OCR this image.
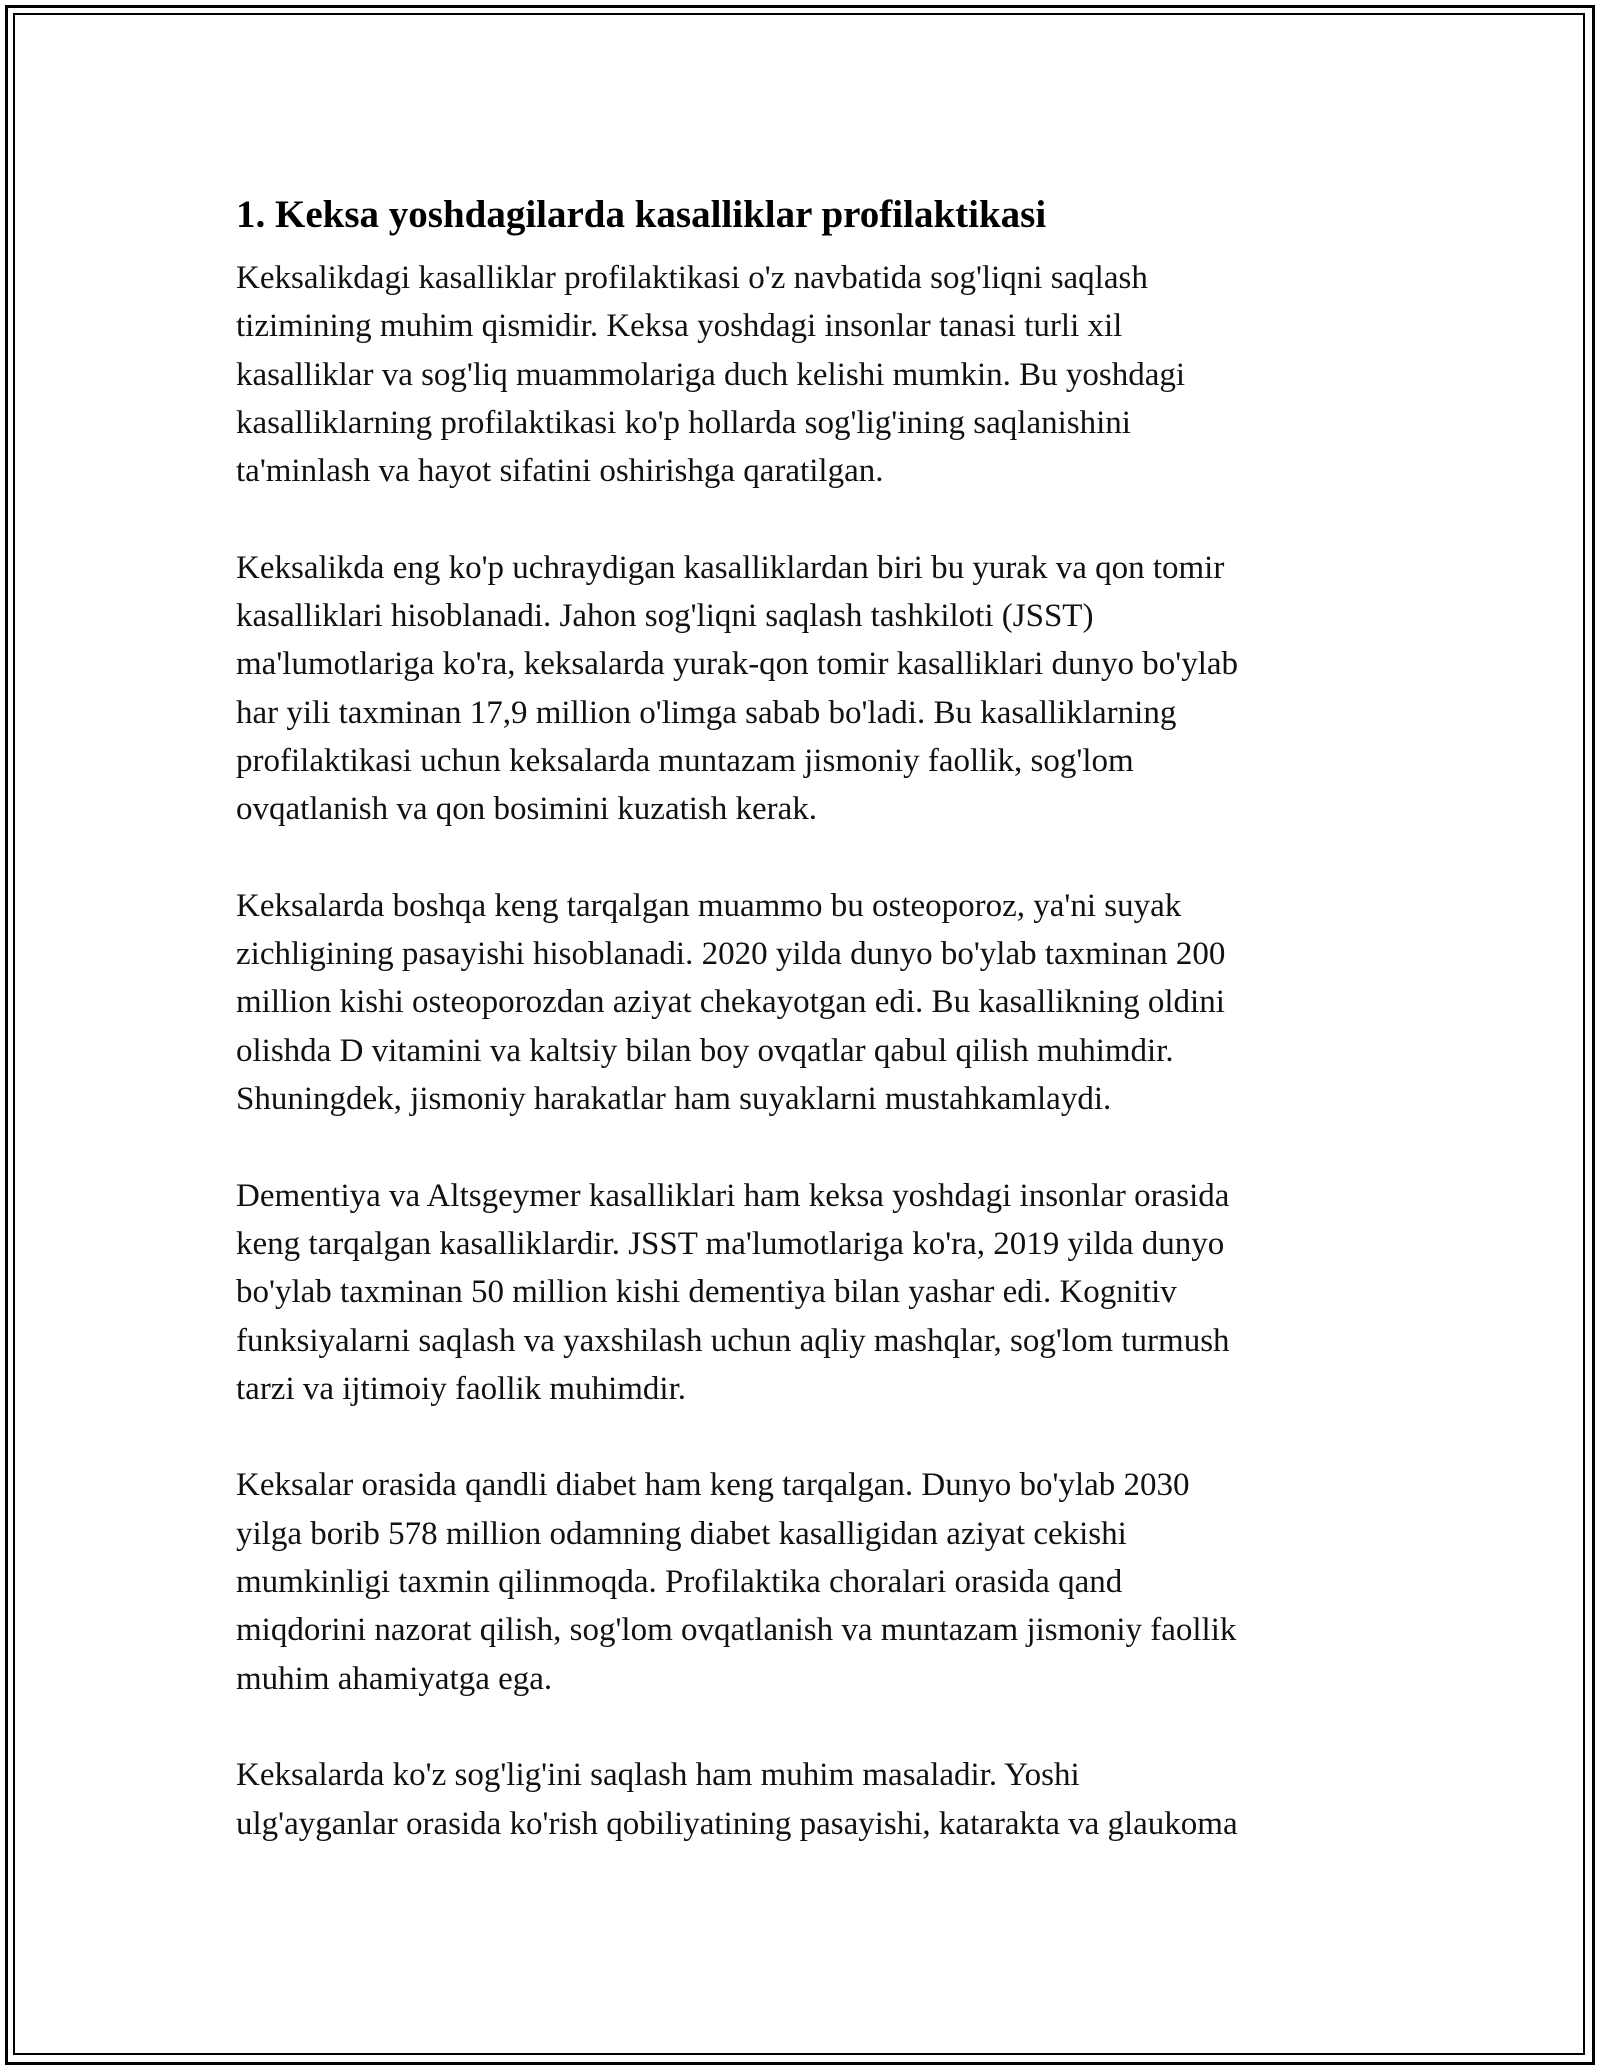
1. Keksa yoshdagilarda kasalliklar profilaktikasi

Keksalikdagi kasalliklar profilaktikasi o'z navbatida sog'liqni saqlash
tizimining muhim qismidir. Keksa yoshdagi insonlar tanasi turli xil
kasalliklar va sog'liq muammolariga duch kelishi mumkin. Bu yoshdagi
kasalliklarning profilaktikasi ko'p hollarda sog'lig'ining saqlanishini
ta'minlash va hayot sifatini oshirishga qaratilgan.

Keksalikda eng ko'p uchraydigan kasalliklardan biri bu yurak va qon tomir
kasalliklari hisoblanadi. Jahon sog'liqni saqlash tashkiloti (JSST)
ma'lumotlariga ko'ra, keksalarda yurak-qon tomir kasalliklari dunyo bo'ylab
har yili taxminan 17,9 million o'limga sabab bo'ladi. Bu kasalliklarning
profilaktikasi uchun keksalarda muntazam jismoniy faollik, sog'lom
ovqatlanish va qon bosimini kuzatish kerak.

Keksalarda boshqa keng tarqalgan muammo bu osteoporoz, ya'ni suyak
zichligining pasayishi hisoblanadi. 2020 yilda dunyo bo'ylab taxminan 200
million kishi osteoporozdan aziyat chekayotgan edi. Bu kasallikning oldini
olishda D vitamini va kaltsiy bilan boy ovqatlar qabul qilish muhimdir.
Shuningdek, jismoniy harakatlar ham suyaklarni mustahkamlaydi.

Dementiya va Altsgeymer kasalliklari ham keksa yoshdagi insonlar orasida
keng tarqalgan kasalliklardir. JSST ma'lumotlariga ko'ra, 2019 yilda dunyo
bo'ylab taxminan 50 million kishi dementiya bilan yashar edi. Kognitiv
funksiyalarni saqlash va yaxshilash uchun aqliy mashqlar, sog'lom turmush
tarzi va ijtimoiy faollik muhimdir.

Keksalar orasida qandli diabet ham keng tarqalgan. Dunyo bo'ylab 2030
yilga borib 578 million odamning diabet kasalligidan aziyat cekishi
mumkinligi taxmin qilinmoqda. Profilaktika choralari orasida qand
miqdorini nazorat qilish, sog'lom ovqatlanish va muntazam jismoniy faollik
muhim ahamiyatga ega.

Keksalarda ko'z sog'lig'ini saqlash ham muhim masaladir. Yoshi
ulg'ayganlar orasida ko'rish qobiliyatining pasayishi, katarakta va glaukoma
